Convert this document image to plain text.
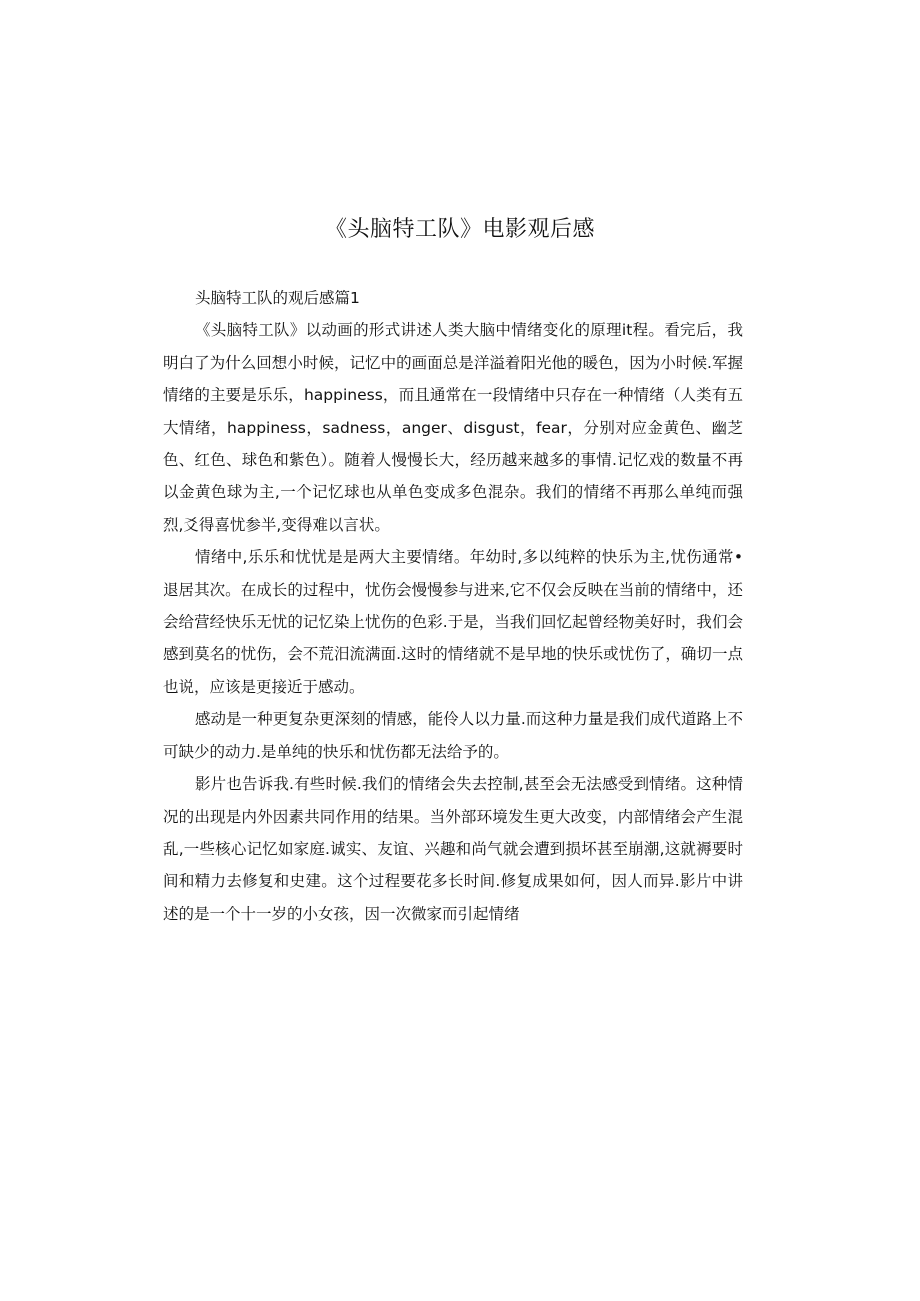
《头脑特工队》电影观后感

头脑特工队的观后感篇1

《头脑特工队》以动画的形式讲述人类大脑中情绪变化的原理it程。看完后，我明白了为什么回想小时候，记忆中的画面总是洋溢着阳光他的暖色，因为小时候.军握情绪的主要是乐乐，happiness，而且通常在一段情绪中只存在一种情绪（人类有五大情绪，happiness，sadness，anger、disgust，fear，分别对应金黄色、幽芝色、红色、球色和紫色）。随着人慢慢长大，经历越来越多的事情.记忆戏的数量不再以金黄色球为主,一个记忆球也从单色变成多色混杂。我们的情绪不再那么单纯而强烈,爻得喜忧参半,变得难以言状。

情绪中,乐乐和忧忧是是两大主要情绪。年幼时,多以纯粹的快乐为主,忧伤通常•退居其次。在成长的过程中，忧伤会慢慢参与进来,它不仅会反映在当前的情绪中，还会给营经快乐无忧的记忆染上忧伤的色彩.于是，当我们回忆起曾经物美好时，我们会感到莫名的忧伤，会不荒汨流满面.这时的情绪就不是早地的快乐或忧伤了，确切一点也说，应该是更接近于感动。

感动是一种更复杂更深刻的情感，能伶人以力量.而这种力量是我们成代道路上不可缺少的动力.是单纯的快乐和忧伤都无法给予的。

影片也告诉我.有些时候.我们的情绪会失去控制,甚至会无法感受到情绪。这种情况的出现是内外因素共同作用的结果。当外部环境发生更大改变，内部情绪会产生混乱,一些核心记忆如家庭.诚实、友谊、兴趣和尚气就会遭到损坏甚至崩潮,这就褥要时间和精力去修复和史建。这个过程要花多长时间.修复成果如何，因人而异.影片中讲述的是一个十一岁的小女孩，因一次微家而引起情绪
